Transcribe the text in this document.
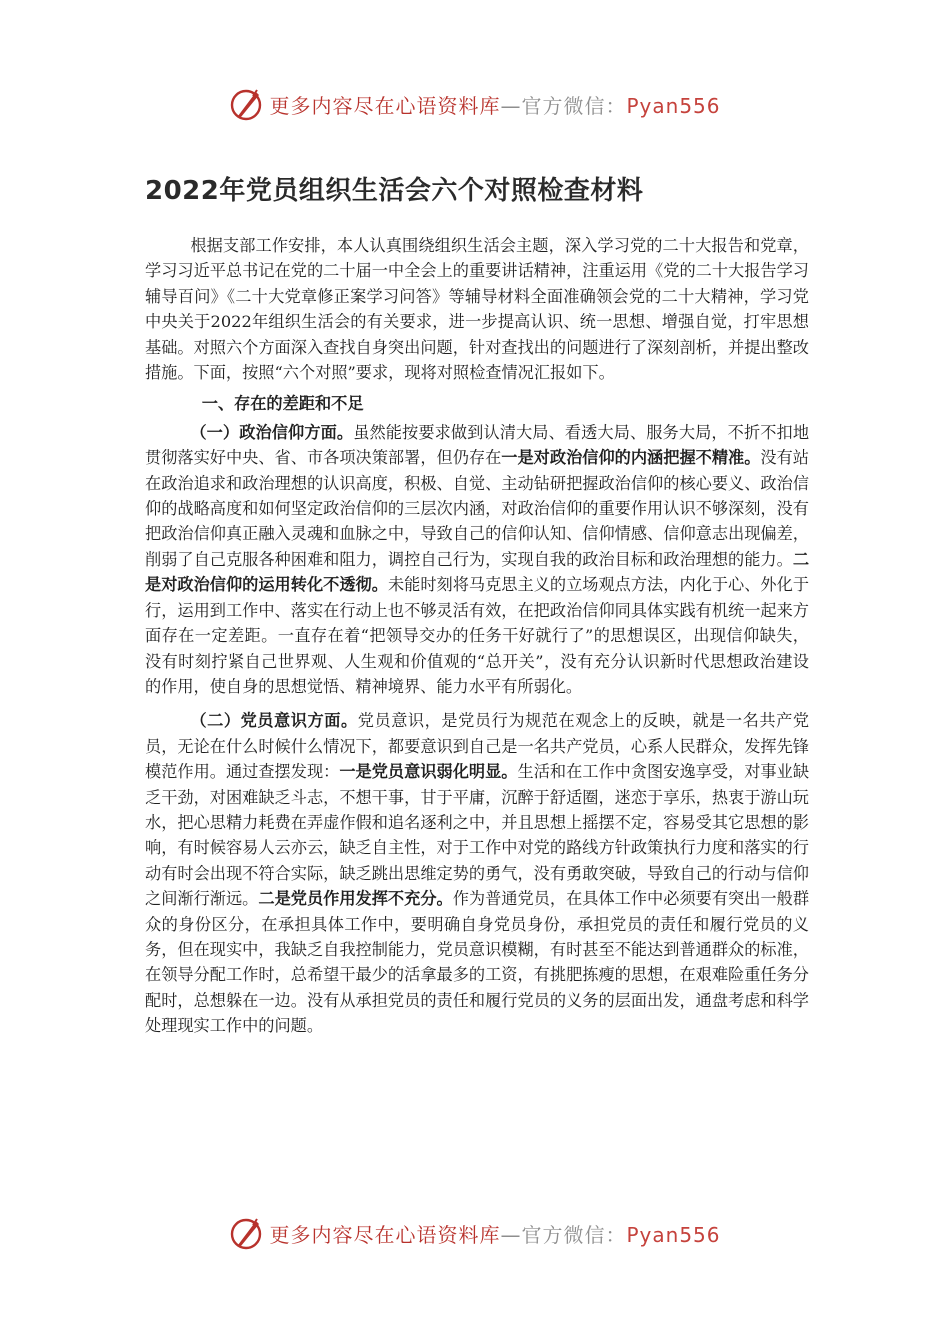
更多内容尽在心语资料库—官方微信：Pyan556
2022年党员组织生活会六个对照检查材料

根据支部工作安排，本人认真围绕组织生活会主题，深入学习党的二十大报告和党章，学习习近平总书记在党的二十届一中全会上的重要讲话精神，注重运用《党的二十大报告学习辅导百问》《二十大党章修正案学习问答》等辅导材料全面准确领会党的二十大精神，学习党中央关于2022年组织生活会的有关要求，进一步提高认识、统一思想、增强自觉，打牢思想基础。对照六个方面深入查找自身突出问题，针对查找出的问题进行了深刻剖析，并提出整改措施。下面，按照“六个对照”要求，现将对照检查情况汇报如下。

一、存在的差距和不足

（一）政治信仰方面。虽然能按要求做到认清大局、看透大局、服务大局，不折不扣地贯彻落实好中央、省、市各项决策部署，但仍存在一是对政治信仰的内涵把握不精准。没有站在政治追求和政治理想的认识高度，积极、自觉、主动钻研把握政治信仰的核心要义、政治信仰的战略高度和如何坚定政治信仰的三层次内涵，对政治信仰的重要作用认识不够深刻，没有把政治信仰真正融入灵魂和血脉之中，导致自己的信仰认知、信仰情感、信仰意志出现偏差，削弱了自己克服各种困难和阻力，调控自己行为，实现自我的政治目标和政治理想的能力。二是对政治信仰的运用转化不透彻。未能时刻将马克思主义的立场观点方法，内化于心、外化于行，运用到工作中、落实在行动上也不够灵活有效，在把政治信仰同具体实践有机统一起来方面存在一定差距。一直存在着“把领导交办的任务干好就行了”的思想误区，出现信仰缺失，没有时刻拧紧自己世界观、人生观和价值观的“总开关”，没有充分认识新时代思想政治建设的作用，使自身的思想觉悟、精神境界、能力水平有所弱化。

（二）党员意识方面。党员意识，是党员行为规范在观念上的反映，就是一名共产党员，无论在什么时候什么情况下，都要意识到自己是一名共产党员，心系人民群众，发挥先锋模范作用。通过查摆发现：一是党员意识弱化明显。生活和在工作中贪图安逸享受，对事业缺乏干劲，对困难缺乏斗志，不想干事，甘于平庸，沉醉于舒适圈，迷恋于享乐，热衷于游山玩水，把心思精力耗费在弄虚作假和追名逐利之中，并且思想上摇摆不定，容易受其它思想的影响，有时候容易人云亦云，缺乏自主性，对于工作中对党的路线方针政策执行力度和落实的行动有时会出现不符合实际，缺乏跳出思维定势的勇气，没有勇敢突破，导致自己的行动与信仰之间渐行渐远。二是党员作用发挥不充分。作为普通党员，在具体工作中必须要有突出一般群众的身份区分，在承担具体工作中，要明确自身党员身份，承担党员的责任和履行党员的义务，但在现实中，我缺乏自我控制能力，党员意识模糊，有时甚至不能达到普通群众的标准，在领导分配工作时，总希望干最少的活拿最多的工资，有挑肥拣瘦的思想，在艰难险重任务分配时，总想躲在一边。没有从承担党员的责任和履行党员的义务的层面出发，通盘考虑和科学处理现实工作中的问题。

更多内容尽在心语资料库—官方微信：Pyan556
